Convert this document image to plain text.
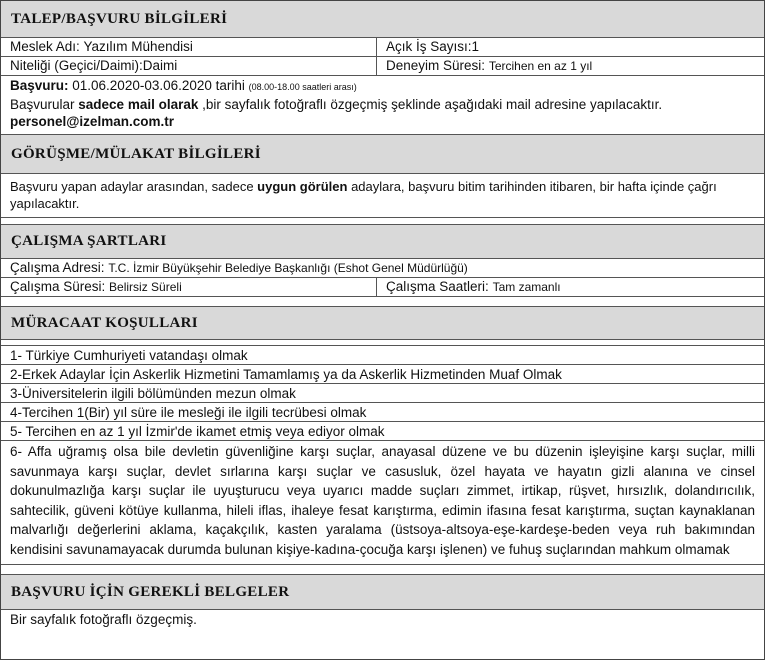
TALEP/BAŞVURU BİLGİLERİ
Meslek Adı:
Yazılım Mühendisi	Açık İş Sayısı: 1
Niteliği (Geçici/Daimi): Daimi	Deneyim Süresi:
Tercihen en az 1 yıl
Başvuru: 01.06.2020-03.06.2020 tarihi (08.00-18.00 saatleri arası)
Başvurular sadece mail olarak ,bir sayfalık fotoğraflı özgeçmiş şeklinde aşağıdaki mail adresine yapılacaktır.
personel@izelman.com.tr
GÖRÜŞME/MÜLAKAT BİLGİLERİ
Başvuru yapan adaylar arasından, sadece uygun görülen adaylara, başvuru bitim tarihinden itibaren, bir hafta içinde çağrı yapılacaktır.
ÇALIŞMA ŞARTLARI
Çalışma Adresi:
T.C. İzmir Büyükşehir Belediye Başkanlığı (Eshot Genel Müdürlüğü)
Çalışma Süresi:
Belirsiz Süreli	Çalışma Saatleri:
Tam zamanlı
MÜRACAAT KOŞULLARI
1- Türkiye Cumhuriyeti vatandaşı olmak
2-Erkek Adaylar İçin Askerlik Hizmetini Tamamlamış ya da Askerlik Hizmetinden Muaf Olmak
3-Üniversitelerin ilgili bölümünden mezun olmak
4-Tercihen 1(Bir) yıl süre ile mesleği ile ilgili tecrübesi olmak
5- Tercihen en az 1 yıl İzmir'de ikamet etmiş veya ediyor olmak
6- Affa uğramış olsa bile devletin güvenliğine karşı suçlar, anayasal düzene ve bu düzenin işleyişine karşı suçlar, milli savunmaya karşı suçlar, devlet sırlarına karşı suçlar ve casusluk, özel hayata ve hayatın gizli alanına ve cinsel dokunulmazlığa karşı suçlar ile uyuşturucu veya uyarıcı madde suçları zimmet, irtikap, rüşvet, hırsızlık, dolandırıcılık, sahtecilik, güveni kötüye kullanma, hileli iflas, ihaleye fesat karıştırma, edimin ifasına fesat karıştırma, suçtan kaynaklanan malvarlığı değerlerini aklama, kaçakçılık, kasten yaralama (üstsoya-altsoya-eşe-kardeşe-beden veya ruh bakımından kendisini savunamayacak durumda bulunan kişiye-kadına-çocuğa karşı işlenen) ve fuhuş suçlarından mahkum olmamak
BAŞVURU İÇİN GEREKLİ BELGELER
Bir sayfalık fotoğraflı özgeçmiş.
